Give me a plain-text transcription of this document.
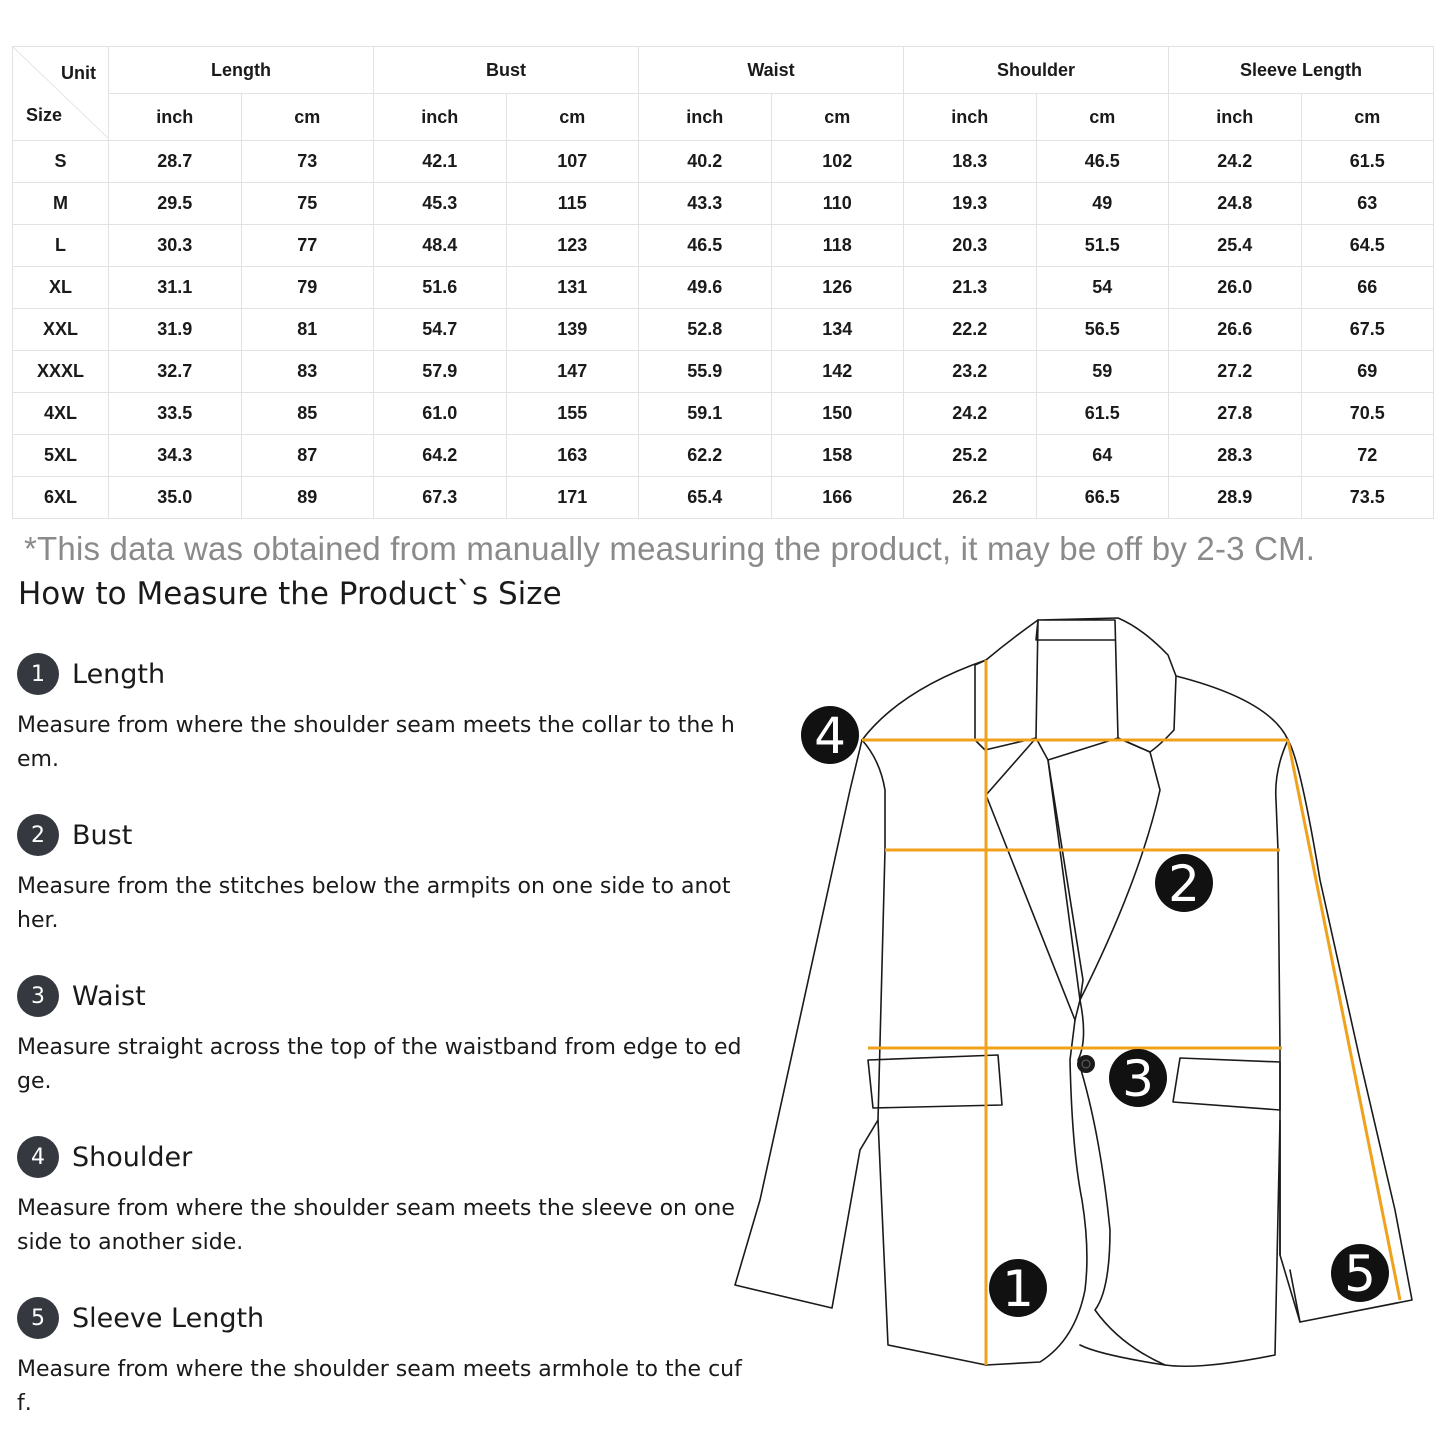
Unit
Size	Length		Bust		Waist		Shoulder		Sleeve Length	
	inch	cm	inch	cm	inch	cm	inch	cm	inch	cm
S	28.7	73	42.1	107	40.2	102	18.3	46.5	24.2	61.5
M	29.5	75	45.3	115	43.3	110	19.3	49	24.8	63
L	30.3	77	48.4	123	46.5	118	20.3	51.5	25.4	64.5
XL	31.1	79	51.6	131	49.6	126	21.3	54	26.0	66
XXL	31.9	81	54.7	139	52.8	134	22.2	56.5	26.6	67.5
XXXL	32.7	83	57.9	147	55.9	142	23.2	59	27.2	69
4XL	33.5	85	61.0	155	59.1	150	24.2	61.5	27.8	70.5
5XL	34.3	87	64.2	163	62.2	158	25.2	64	28.3	72
6XL	35.0	89	67.3	171	65.4	166	26.2	66.5	28.9	73.5
*This data was obtained from manually measuring the product, it may be off by 2-3 CM.
How to Measure the Product`s Size
1	Length
Measure from where the shoulder seam meets the collar to the hem.
2	Bust
Measure from the stitches below the armpits on one side to another.
3	Waist
Measure straight across the top of the waistband from edge to edge.
4	Shoulder
Measure from where the shoulder seam meets the sleeve on one side to another side.
5	Sleeve Length
Measure from where the shoulder seam meets armhole to the cuff.
1
2
3
4
5
